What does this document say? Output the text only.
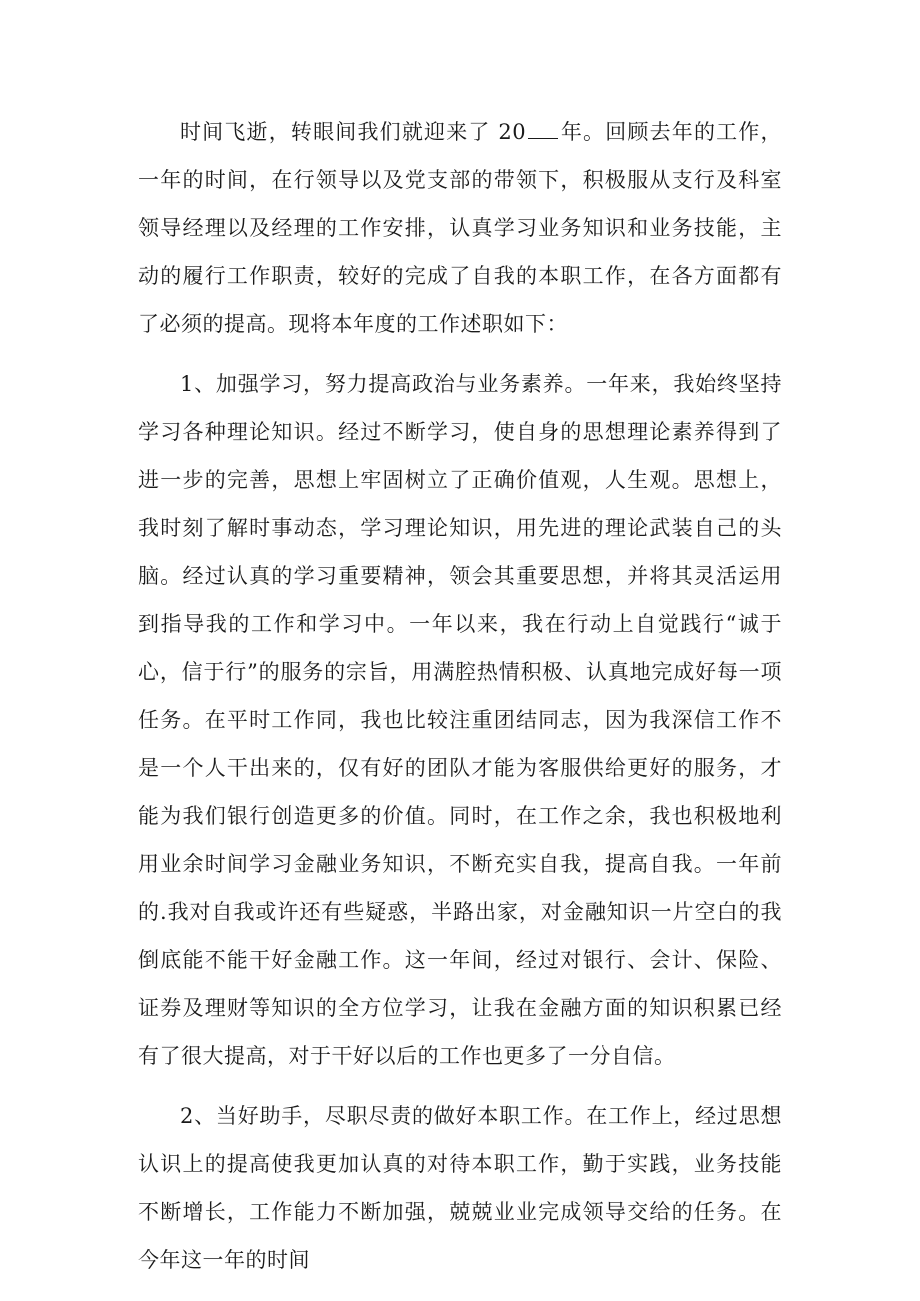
时间飞逝，转眼间我们就迎来了 20 年。回顾去年的工作，一年的时间，在行领导以及党支部的带领下，积极服从支行及科室领导经理以及经理的工作安排，认真学习业务知识和业务技能，主动的履行工作职责，较好的完成了自我的本职工作，在各方面都有了必须的提高。现将本年度的工作述职如下：

1、加强学习，努力提高政治与业务素养。一年来，我始终坚持学习各种理论知识。经过不断学习，使自身的思想理论素养得到了进一步的完善，思想上牢固树立了正确价值观，人生观。思想上，我时刻了解时事动态，学习理论知识，用先进的理论武装自己的头脑。经过认真的学习重要精神，领会其重要思想，并将其灵活运用到指导我的工作和学习中。一年以来，我在行动上自觉践行“诚于心，信于行”的服务的宗旨，用满腔热情积极、认真地完成好每一项任务。在平时工作同，我也比较注重团结同志，因为我深信工作不是一个人干出来的，仅有好的团队才能为客服供给更好的服务，才能为我们银行创造更多的价值。同时，在工作之余，我也积极地利用业余时间学习金融业务知识，不断充实自我，提高自我。一年前的.我对自我或许还有些疑惑，半路出家，对金融知识一片空白的我倒底能不能干好金融工作。这一年间，经过对银行、会计、保险、证券及理财等知识的全方位学习，让我在金融方面的知识积累已经有了很大提高，对于干好以后的工作也更多了一分自信。

2、当好助手，尽职尽责的做好本职工作。在工作上，经过思想认识上的提高使我更加认真的对待本职工作，勤于实践，业务技能不断增长，工作能力不断加强，兢兢业业完成领导交给的任务。在今年这一年的时间
